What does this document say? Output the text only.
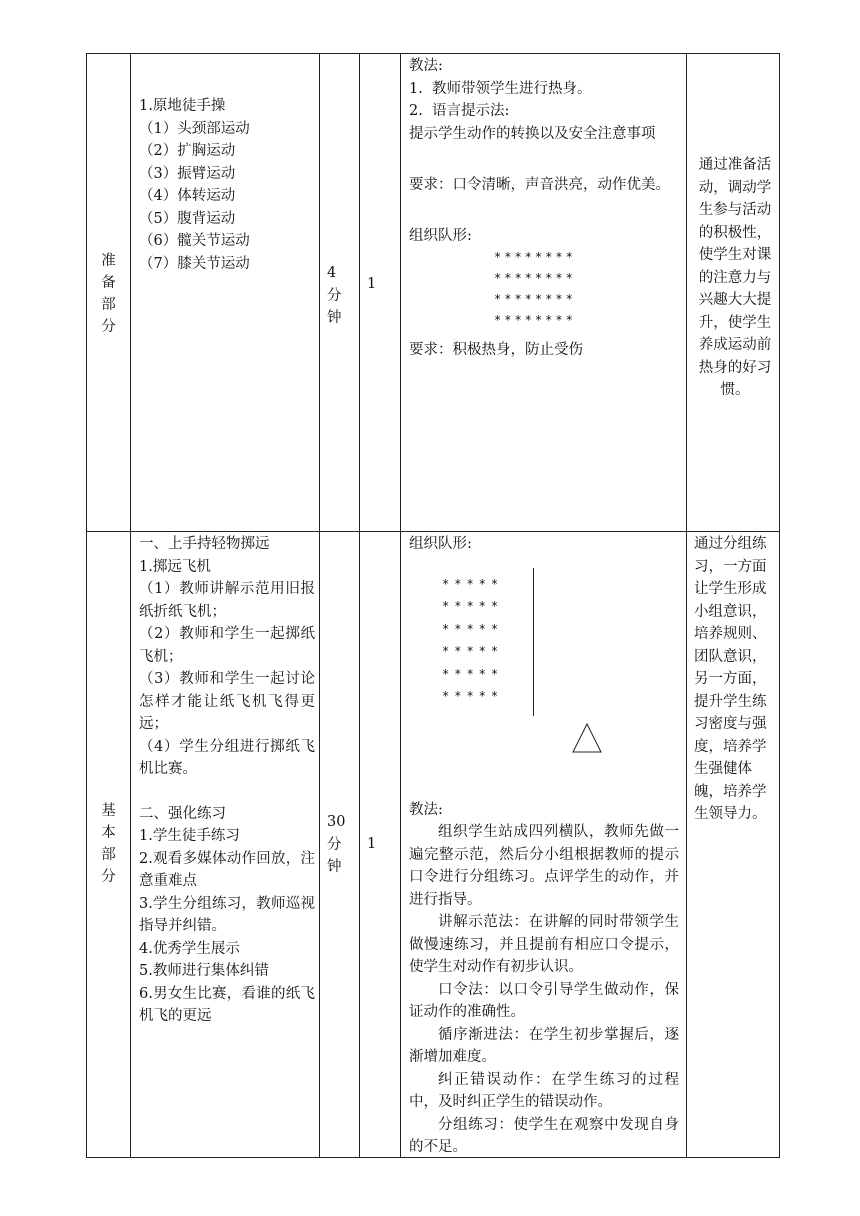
准
备
部
分
1.原地徒手操
（1）头颈部运动
（2）扩胸运动
（3）振臂运动
（4）体转运动
（5）腹背运动
（6）髋关节运动
（7）膝关节运动
4
分
钟
1
教法:
1.  教师带领学生进行热身。
2.  语言提示法:
提示学生动作的转换以及安全注意事项

要求：口令清晰，声音洪亮，动作优美。

组织队形:
********
********
********
********
要求：积极热身，防止受伤
通过准备活动，调动学生参与活动的积极性，使学生对课的注意力与兴趣大大提升，使学生养成运动前热身的好习惯。
基
本
部
分
一、上手持轻物掷远
1.掷远飞机
（1）教师讲解示范用旧报纸折纸飞机；
（2）教师和学生一起掷纸飞机；
（3）教师和学生一起讨论怎样才能让纸飞机飞得更远；
（4）学生分组进行掷纸飞机比赛。

二、强化练习
1.学生徒手练习
2.观看多媒体动作回放，注意重难点
3.学生分组练习，教师巡视指导并纠错。
4.优秀学生展示
5.教师进行集体纠错
6.男女生比赛，看谁的纸飞机飞的更远
30
分
钟
1
组织队形:
*****
*****
*****
*****
*****
*****
教法:
组织学生站成四列横队，教师先做一遍完整示范，然后分小组根据教师的提示口令进行分组练习。点评学生的动作，并进行指导。
讲解示范法：在讲解的同时带领学生做慢速练习，并且提前有相应口令提示，使学生对动作有初步认识。
口令法：以口令引导学生做动作，保证动作的准确性。
循序渐进法：在学生初步掌握后，逐渐增加难度。
纠正错误动作：在学生练习的过程中，及时纠正学生的错误动作。
分组练习：使学生在观察中发现自身的不足。
通过分组练习，一方面让学生形成小组意识，培养规则、团队意识，另一方面，提升学生练习密度与强度，培养学生强健体魄，培养学生领导力。
